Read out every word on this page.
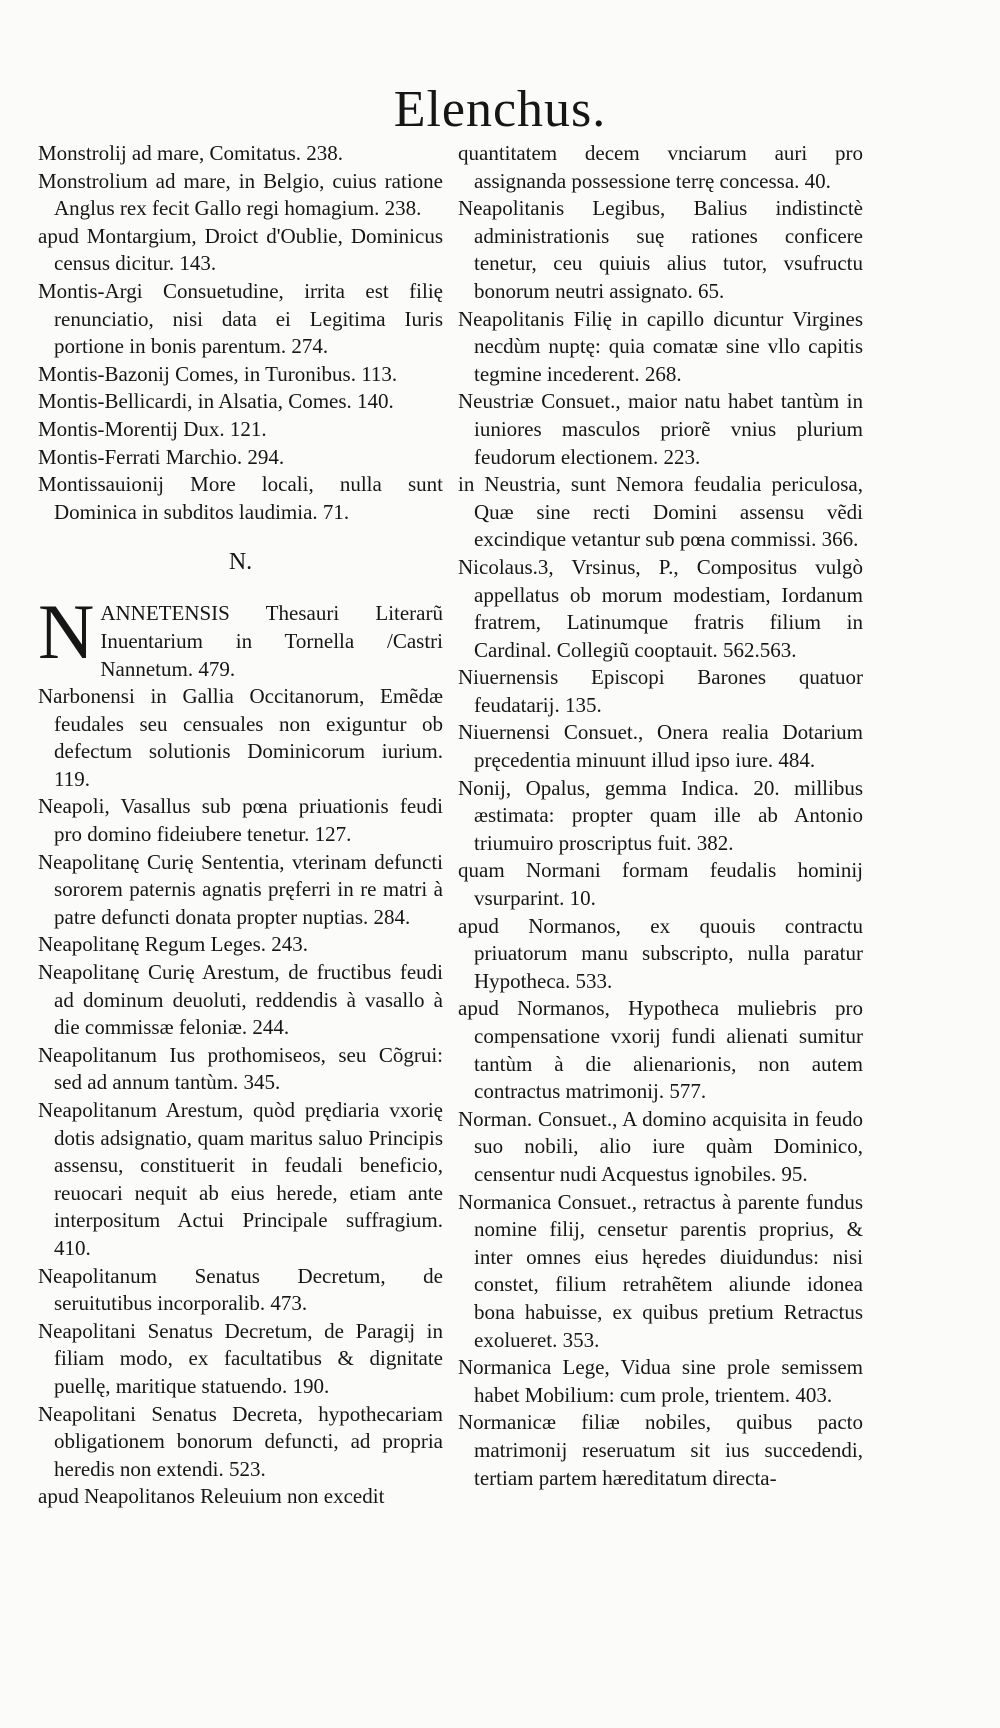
Elenchus.

Monstrolij ad mare, Comitatus. 238.

Monstrolium ad mare, in Belgio, cuius ratione Anglus rex fecit Gallo regi homagium. 238.

apud Montargium, Droict d'Oublie, Dominicus census dicitur. 143.

Montis-Argi Consuetudine, irrita est filię renunciatio, nisi data ei Legitima Iuris portione in bonis parentum. 274.

Montis-Bazonij Comes, in Turonibus. 113.

Montis-Bellicardi, in Alsatia, Comes. 140.

Montis-Morentij Dux. 121.

Montis-Ferrati Marchio. 294.

Montissauionij More locali, nulla sunt Dominica in subditos laudimia. 71.

N.

N ANNETENSIS Thesauri Literarũ Inuentarium in Tornella /Castri Nannetum. 479.

Narbonensi in Gallia Occitanorum, Emẽdæ feudales seu censuales non exiguntur ob defectum solutionis Dominicorum iurium. 119.

Neapoli, Vasallus sub pœna priuationis feudi pro domino fideiubere tenetur. 127.

Neapolitanę Curię Sententia, vterinam defuncti sororem paternis agnatis pręferri in re matri à patre defuncti donata propter nuptias. 284.

Neapolitanę Regum Leges. 243.

Neapolitanę Curię Arestum, de fructibus feudi ad dominum deuoluti, reddendis à vasallo à die commissæ feloniæ. 244.

Neapolitanum Ius prothomiseos, seu Cõgrui: sed ad annum tantùm. 345.

Neapolitanum Arestum, quòd prędiaria vxorię dotis adsignatio, quam maritus saluo Principis assensu, constituerit in feudali beneficio, reuocari nequit ab eius herede, etiam ante interpositum Actui Principale suffragium. 410.

Neapolitanum Senatus Decretum, de seruitutibus incorporalib. 473.

Neapolitani Senatus Decretum, de Paragij in filiam modo, ex facultatibus & dignitate puellę, maritique statuendo. 190.

Neapolitani Senatus Decreta, hypothecariam obligationem bonorum defuncti, ad propria heredis non extendi. 523.

apud Neapolitanos Releuium non excedit

quantitatem decem vnciarum auri pro assignanda possessione terrę concessa. 40.

Neapolitanis Legibus, Balius indistinctè administrationis suę rationes conficere tenetur, ceu quiuis alius tutor, vsufructu bonorum neutri assignato. 65.

Neapolitanis Filię in capillo dicuntur Virgines necdùm nuptę: quia comatæ sine vllo capitis tegmine incederent. 268.

Neustriæ Consuet., maior natu habet tantùm in iuniores masculos priorẽ vnius plurium feudorum electionem. 223.

in Neustria, sunt Nemora feudalia periculosa, Quæ sine recti Domini assensu vẽdi excindique vetantur sub pœna commissi. 366.

Nicolaus.3, Vrsinus, P., Compositus vulgò appellatus ob morum modestiam, Iordanum fratrem, Latinumque fratris filium in Cardinal. Collegiũ cooptauit. 562.563.

Niuernensis Episcopi Barones quatuor feudatarij. 135.

Niuernensi Consuet., Onera realia Dotarium pręcedentia minuunt illud ipso iure. 484.

Nonij, Opalus, gemma Indica. 20. millibus æstimata: propter quam ille ab Antonio triumuiro proscriptus fuit. 382.

quam Normani formam feudalis hominij vsurparint. 10.

apud Normanos, ex quouis contractu priuatorum manu subscripto, nulla paratur Hypotheca. 533.

apud Normanos, Hypotheca muliebris pro compensatione vxorij fundi alienati sumitur tantùm à die alienarionis, non autem contractus matrimonij. 577.

Norman. Consuet., A domino acquisita in feudo suo nobili, alio iure quàm Dominico, censentur nudi Acquestus ignobiles. 95.

Normanica Consuet., retractus à parente fundus nomine filij, censetur parentis proprius, & inter omnes eius hęredes diuidundus: nisi constet, filium retrahẽtem aliunde idonea bona habuisse, ex quibus pretium Retractus exolueret. 353.

Normanica Lege, Vidua sine prole semissem habet Mobilium: cum prole, trientem. 403.

Normanicæ filiæ nobiles, quibus pacto matrimonij reseruatum sit ius succedendi, tertiam partem hæreditatum directa-
